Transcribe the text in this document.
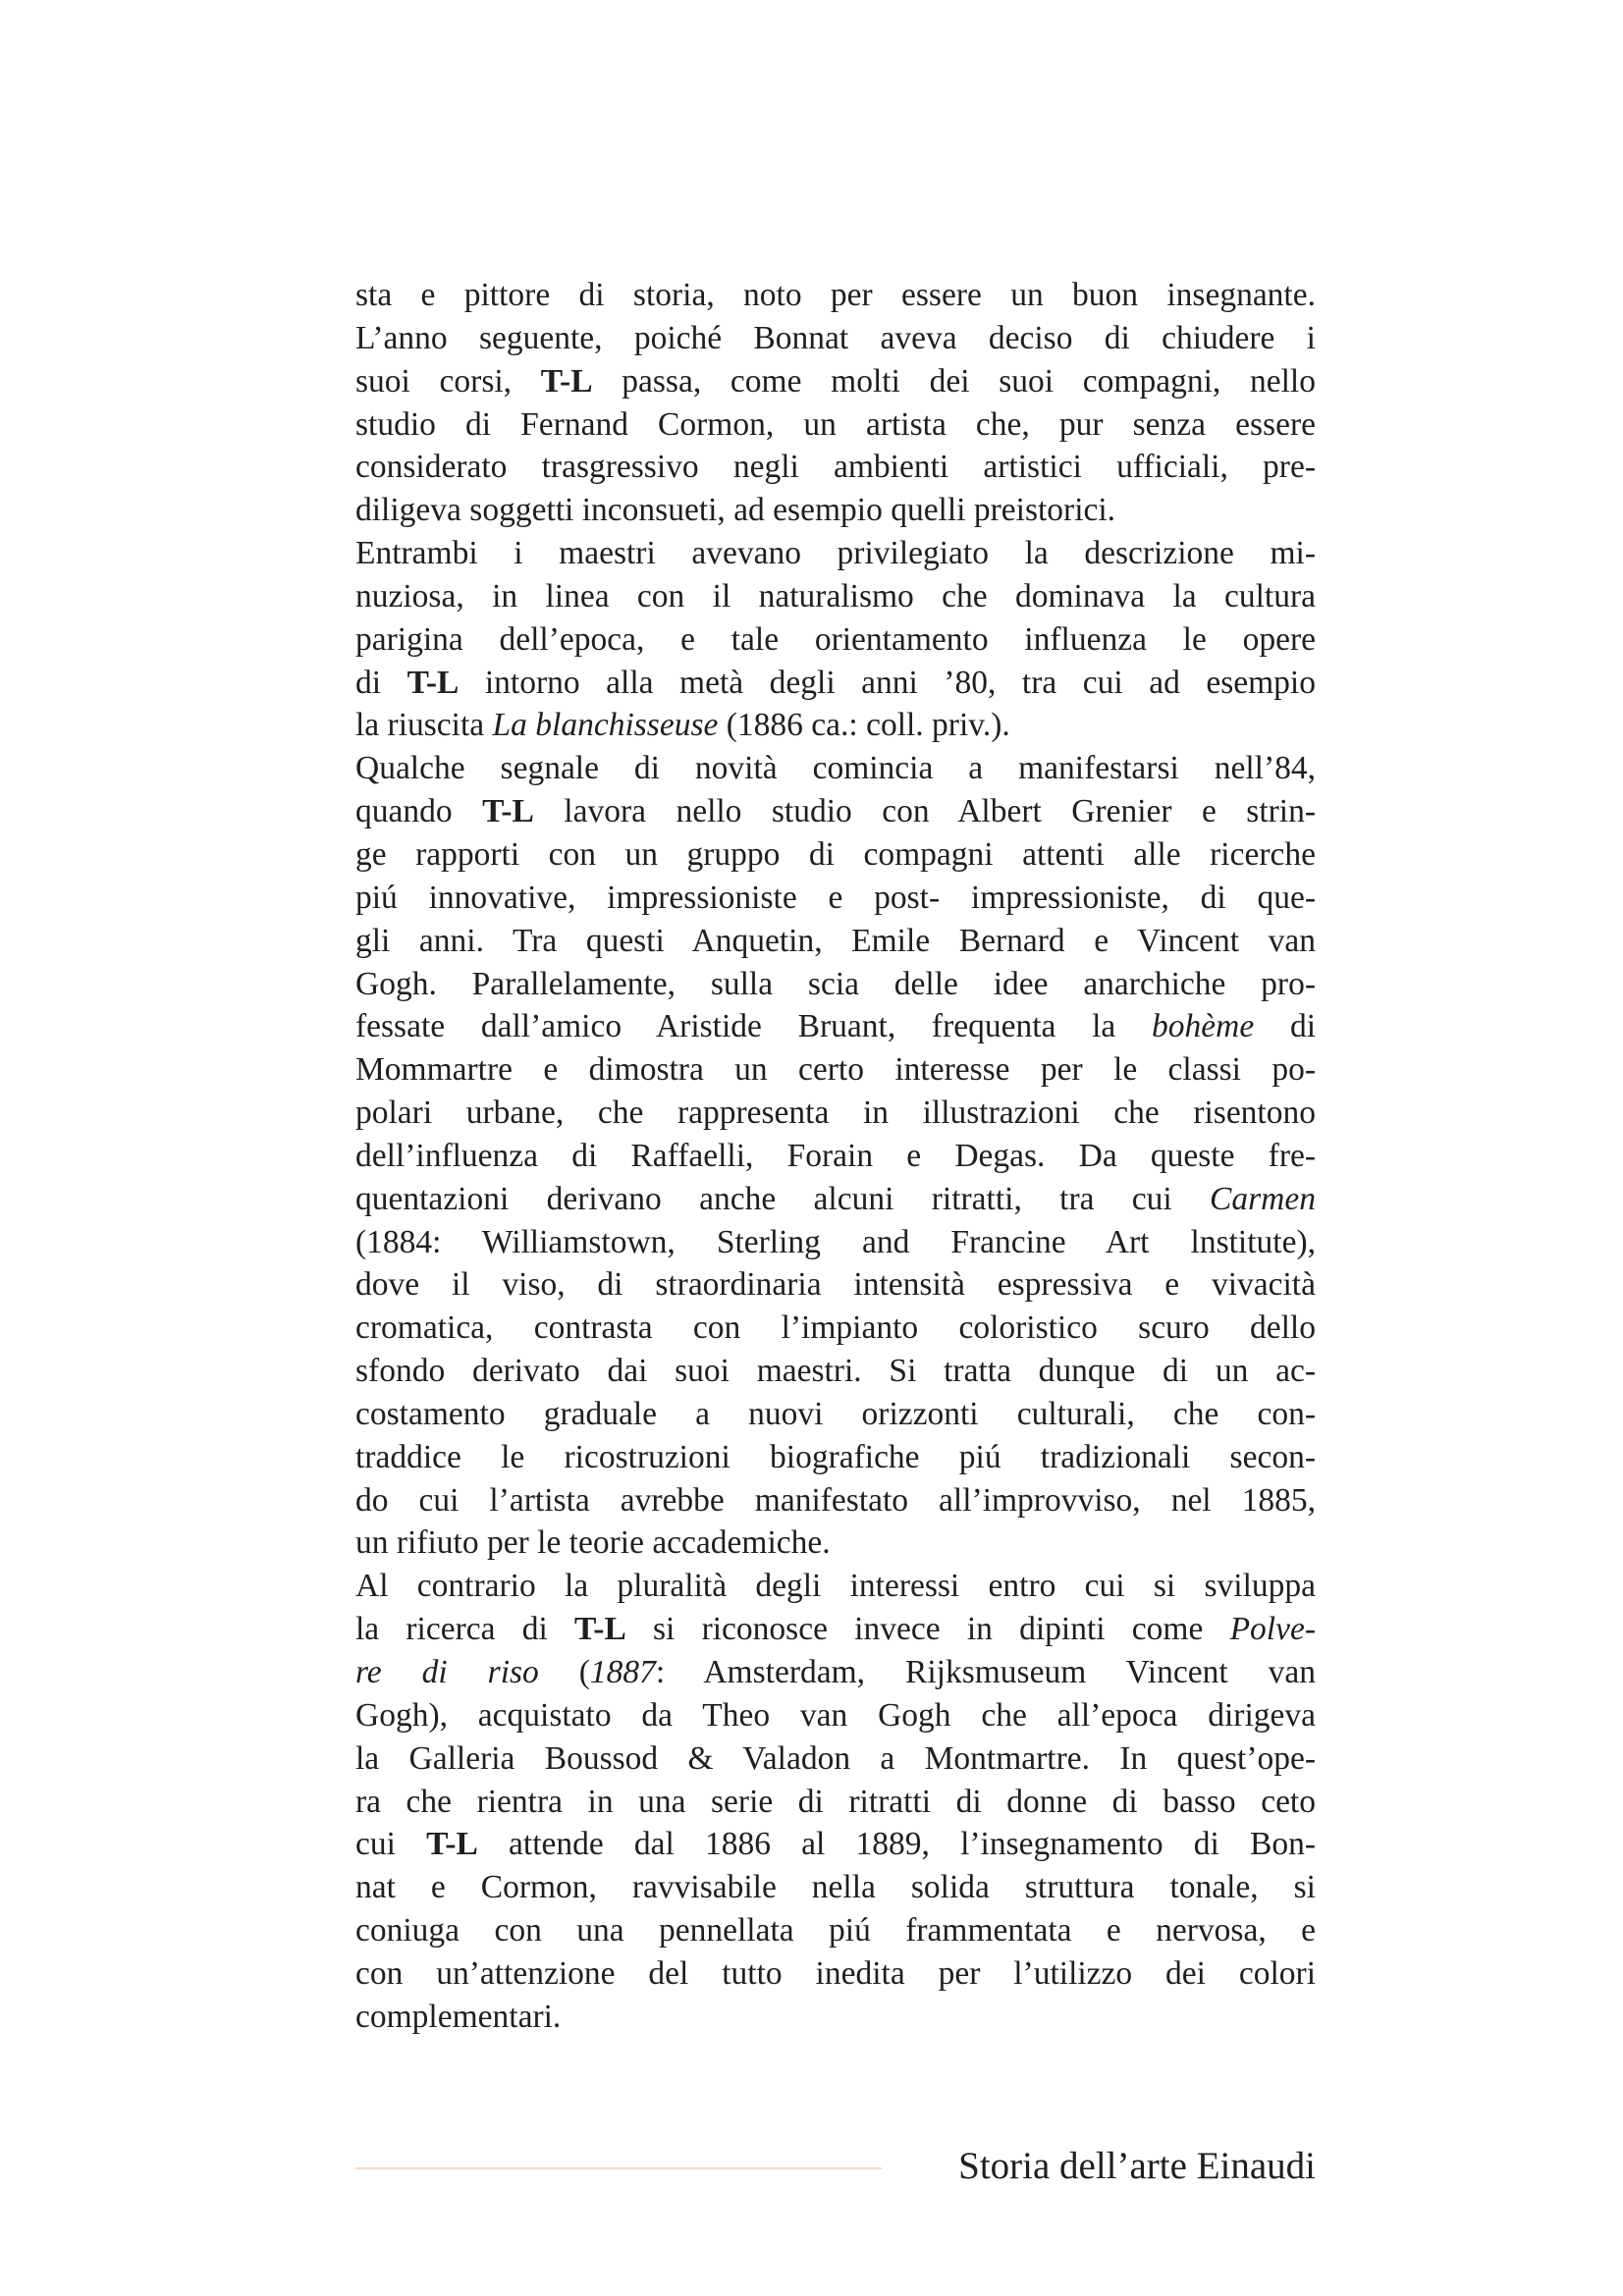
sta e pittore di storia, noto per essere un buon insegnante.
L’anno seguente, poiché Bonnat aveva deciso di chiudere i
suoi corsi, T-L passa, come molti dei suoi compagni, nello
studio di Fernand Cormon, un artista che, pur senza essere
considerato trasgressivo negli ambienti artistici ufficiali, pre-
diligeva soggetti inconsueti, ad esempio quelli preistorici.
Entrambi i maestri avevano privilegiato la descrizione mi-
nuziosa, in linea con il naturalismo che dominava la cultura
parigina dell’epoca, e tale orientamento influenza le opere
di T-L intorno alla metà degli anni ’80, tra cui ad esempio
la riuscita La blanchisseuse (1886 ca.: coll. priv.).
Qualche segnale di novità comincia a manifestarsi nell’84,
quando T-L lavora nello studio con Albert Grenier e strin-
ge rapporti con un gruppo di compagni attenti alle ricerche
piú innovative, impressioniste e post- impressioniste, di que-
gli anni. Tra questi Anquetin, Emile Bernard e Vincent van
Gogh. Parallelamente, sulla scia delle idee anarchiche pro-
fessate dall’amico Aristide Bruant, frequenta la bohème di
Mommartre e dimostra un certo interesse per le classi po-
polari urbane, che rappresenta in illustrazioni che risentono
dell’influenza di Raffaelli, Forain e Degas. Da queste fre-
quentazioni derivano anche alcuni ritratti, tra cui Carmen
(1884: Williamstown, Sterling and Francine Art lnstitute),
dove il viso, di straordinaria intensità espressiva e vivacità
cromatica, contrasta con l’impianto coloristico scuro dello
sfondo derivato dai suoi maestri. Si tratta dunque di un ac-
costamento graduale a nuovi orizzonti culturali, che con-
traddice le ricostruzioni biografiche piú tradizionali secon-
do cui l’artista avrebbe manifestato all’improvviso, nel 1885,
un rifiuto per le teorie accademiche.
Al contrario la pluralità degli interessi entro cui si sviluppa
la ricerca di T-L si riconosce invece in dipinti come Polve-
re di riso (1887: Amsterdam, Rijksmuseum Vincent van
Gogh), acquistato da Theo van Gogh che all’epoca dirigeva
la Galleria Boussod & Valadon a Montmartre. In quest’ope-
ra che rientra in una serie di ritratti di donne di basso ceto
cui T-L attende dal 1886 al 1889, l’insegnamento di Bon-
nat e Cormon, ravvisabile nella solida struttura tonale, si
coniuga con una pennellata piú frammentata e nervosa, e
con un’attenzione del tutto inedita per l’utilizzo dei colori
complementari.
Storia dell’arte Einaudi
